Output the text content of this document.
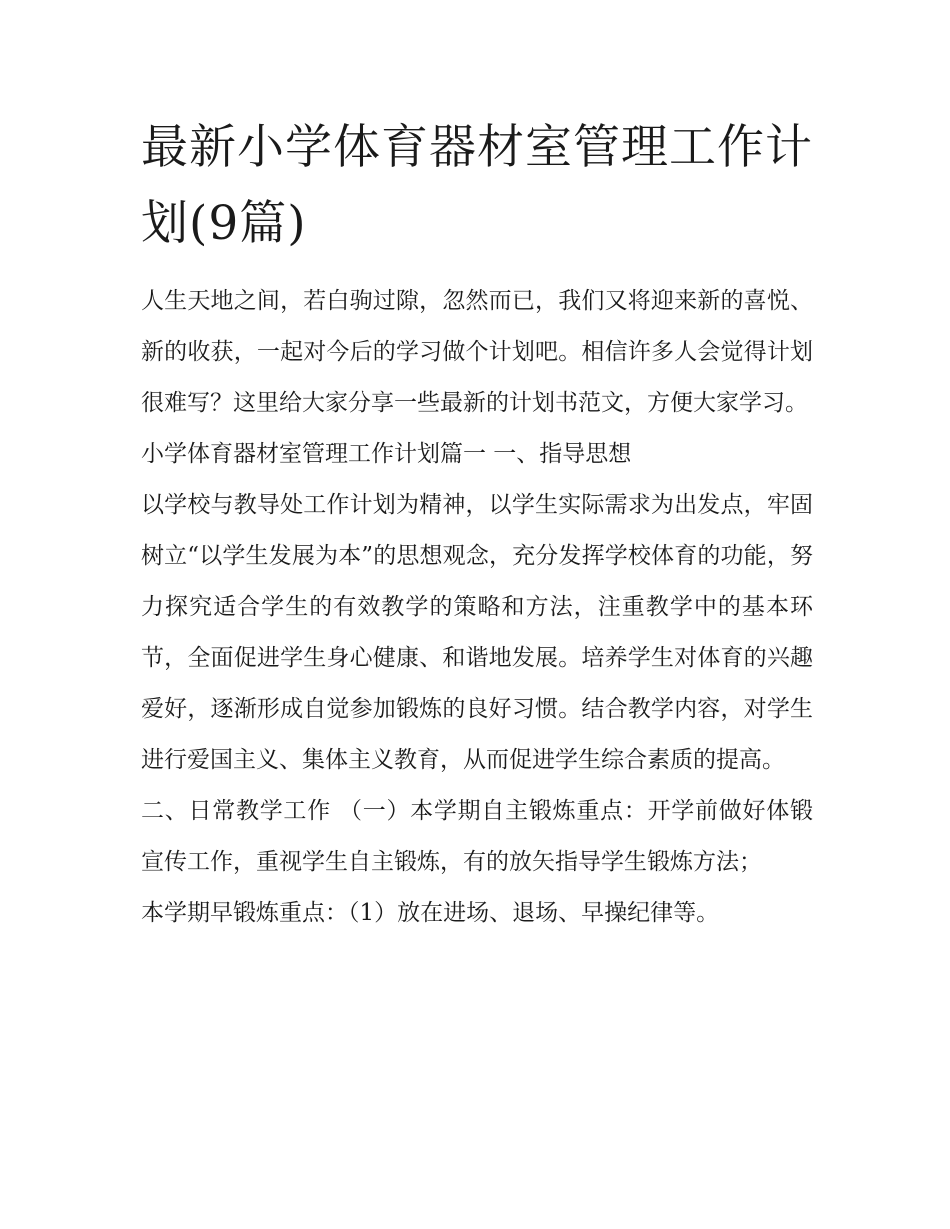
最新小学体育器材室管理工作计划(9篇)

人生天地之间，若白驹过隙，忽然而已，我们又将迎来新的喜悦、新的收获，一起对今后的学习做个计划吧。相信许多人会觉得计划很难写？这里给大家分享一些最新的计划书范文，方便大家学习。

小学体育器材室管理工作计划篇一 一、指导思想

以学校与教导处工作计划为精神，以学生实际需求为出发点，牢固树立“以学生发展为本”的思想观念，充分发挥学校体育的功能，努力探究适合学生的有效教学的策略和方法，注重教学中的基本环节，全面促进学生身心健康、和谐地发展。培养学生对体育的兴趣爱好，逐渐形成自觉参加锻炼的良好习惯。结合教学内容，对学生进行爱国主义、集体主义教育，从而促进学生综合素质的提高。

二、日常教学工作 （一）本学期自主锻炼重点：开学前做好体锻宣传工作，重视学生自主锻炼，有的放矢指导学生锻炼方法；

本学期早锻炼重点：（1）放在进场、退场、早操纪律等。
